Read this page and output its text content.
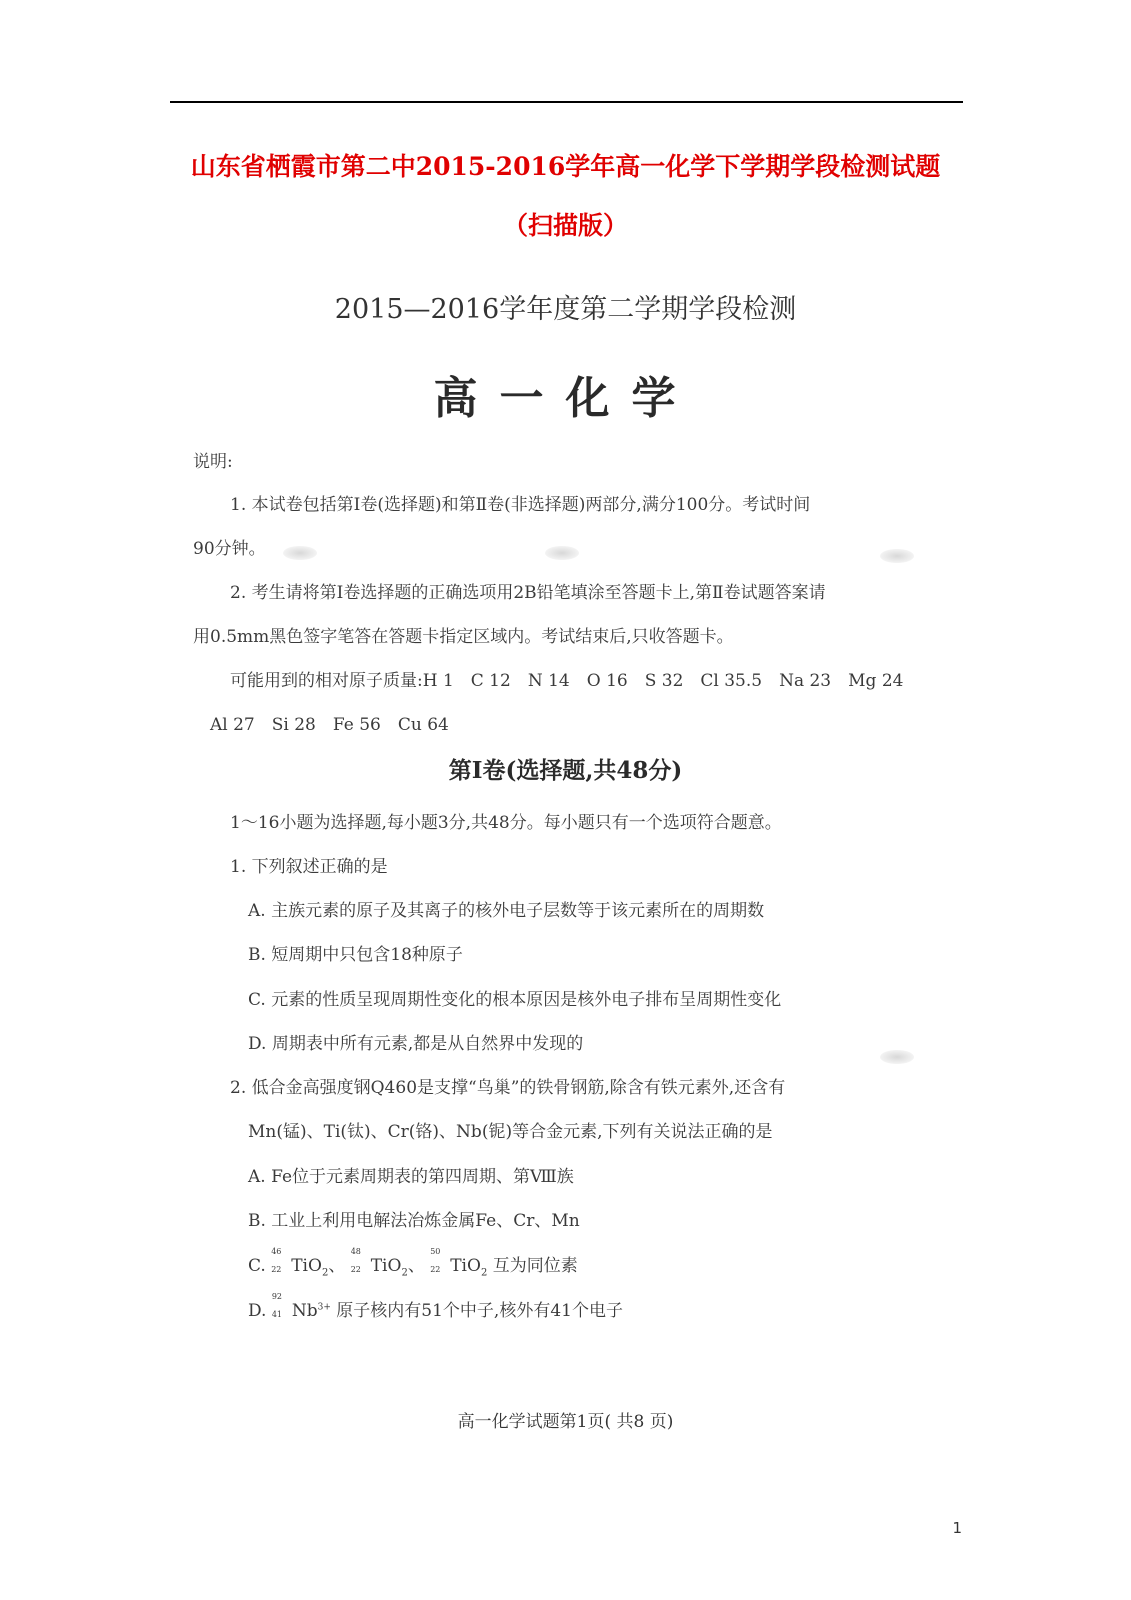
山东省栖霞市第二中2015-2016学年高一化学下学期学段检测试题
（扫描版）
2015—2016学年度第二学期学段检测
高一化学
说明:
1. 本试卷包括第Ⅰ卷(选择题)和第Ⅱ卷(非选择题)两部分,满分100分。考试时间
90分钟。
2. 考生请将第Ⅰ卷选择题的正确选项用2B铅笔填涂至答题卡上,第Ⅱ卷试题答案请
用0.5mm黑色签字笔答在答题卡指定区域内。考试结束后,只收答题卡。
可能用到的相对原子质量:H 1　C 12　N 14　O 16　S 32　Cl 35.5　Na 23　Mg 24
Al 27　Si 28　Fe 56　Cu 64
第Ⅰ卷(选择题,共48分)
1～16小题为选择题,每小题3分,共48分。每小题只有一个选项符合题意。
1. 下列叙述正确的是
A. 主族元素的原子及其离子的核外电子层数等于该元素所在的周期数
B. 短周期中只包含18种原子
C. 元素的性质呈现周期性变化的根本原因是核外电子排布呈周期性变化
D. 周期表中所有元素,都是从自然界中发现的
2. 低合金高强度钢Q460是支撑“鸟巢”的铁骨钢筋,除含有铁元素外,还含有
Mn(锰)、Ti(钛)、Cr(铬)、Nb(铌)等合金元素,下列有关说法正确的是
A. Fe位于元素周期表的第四周期、第Ⅷ族
B. 工业上利用电解法冶炼金属Fe、Cr、Mn
C.
46
22 TiO$_2$、
48
22 TiO$_2$、
50
22 TiO$_2$ 互为同位素
D.
92
41 $Nb^{3+}$ 原子核内有51个中子,核外有41个电子
高一化学试题第1页( 共8 页)
1
